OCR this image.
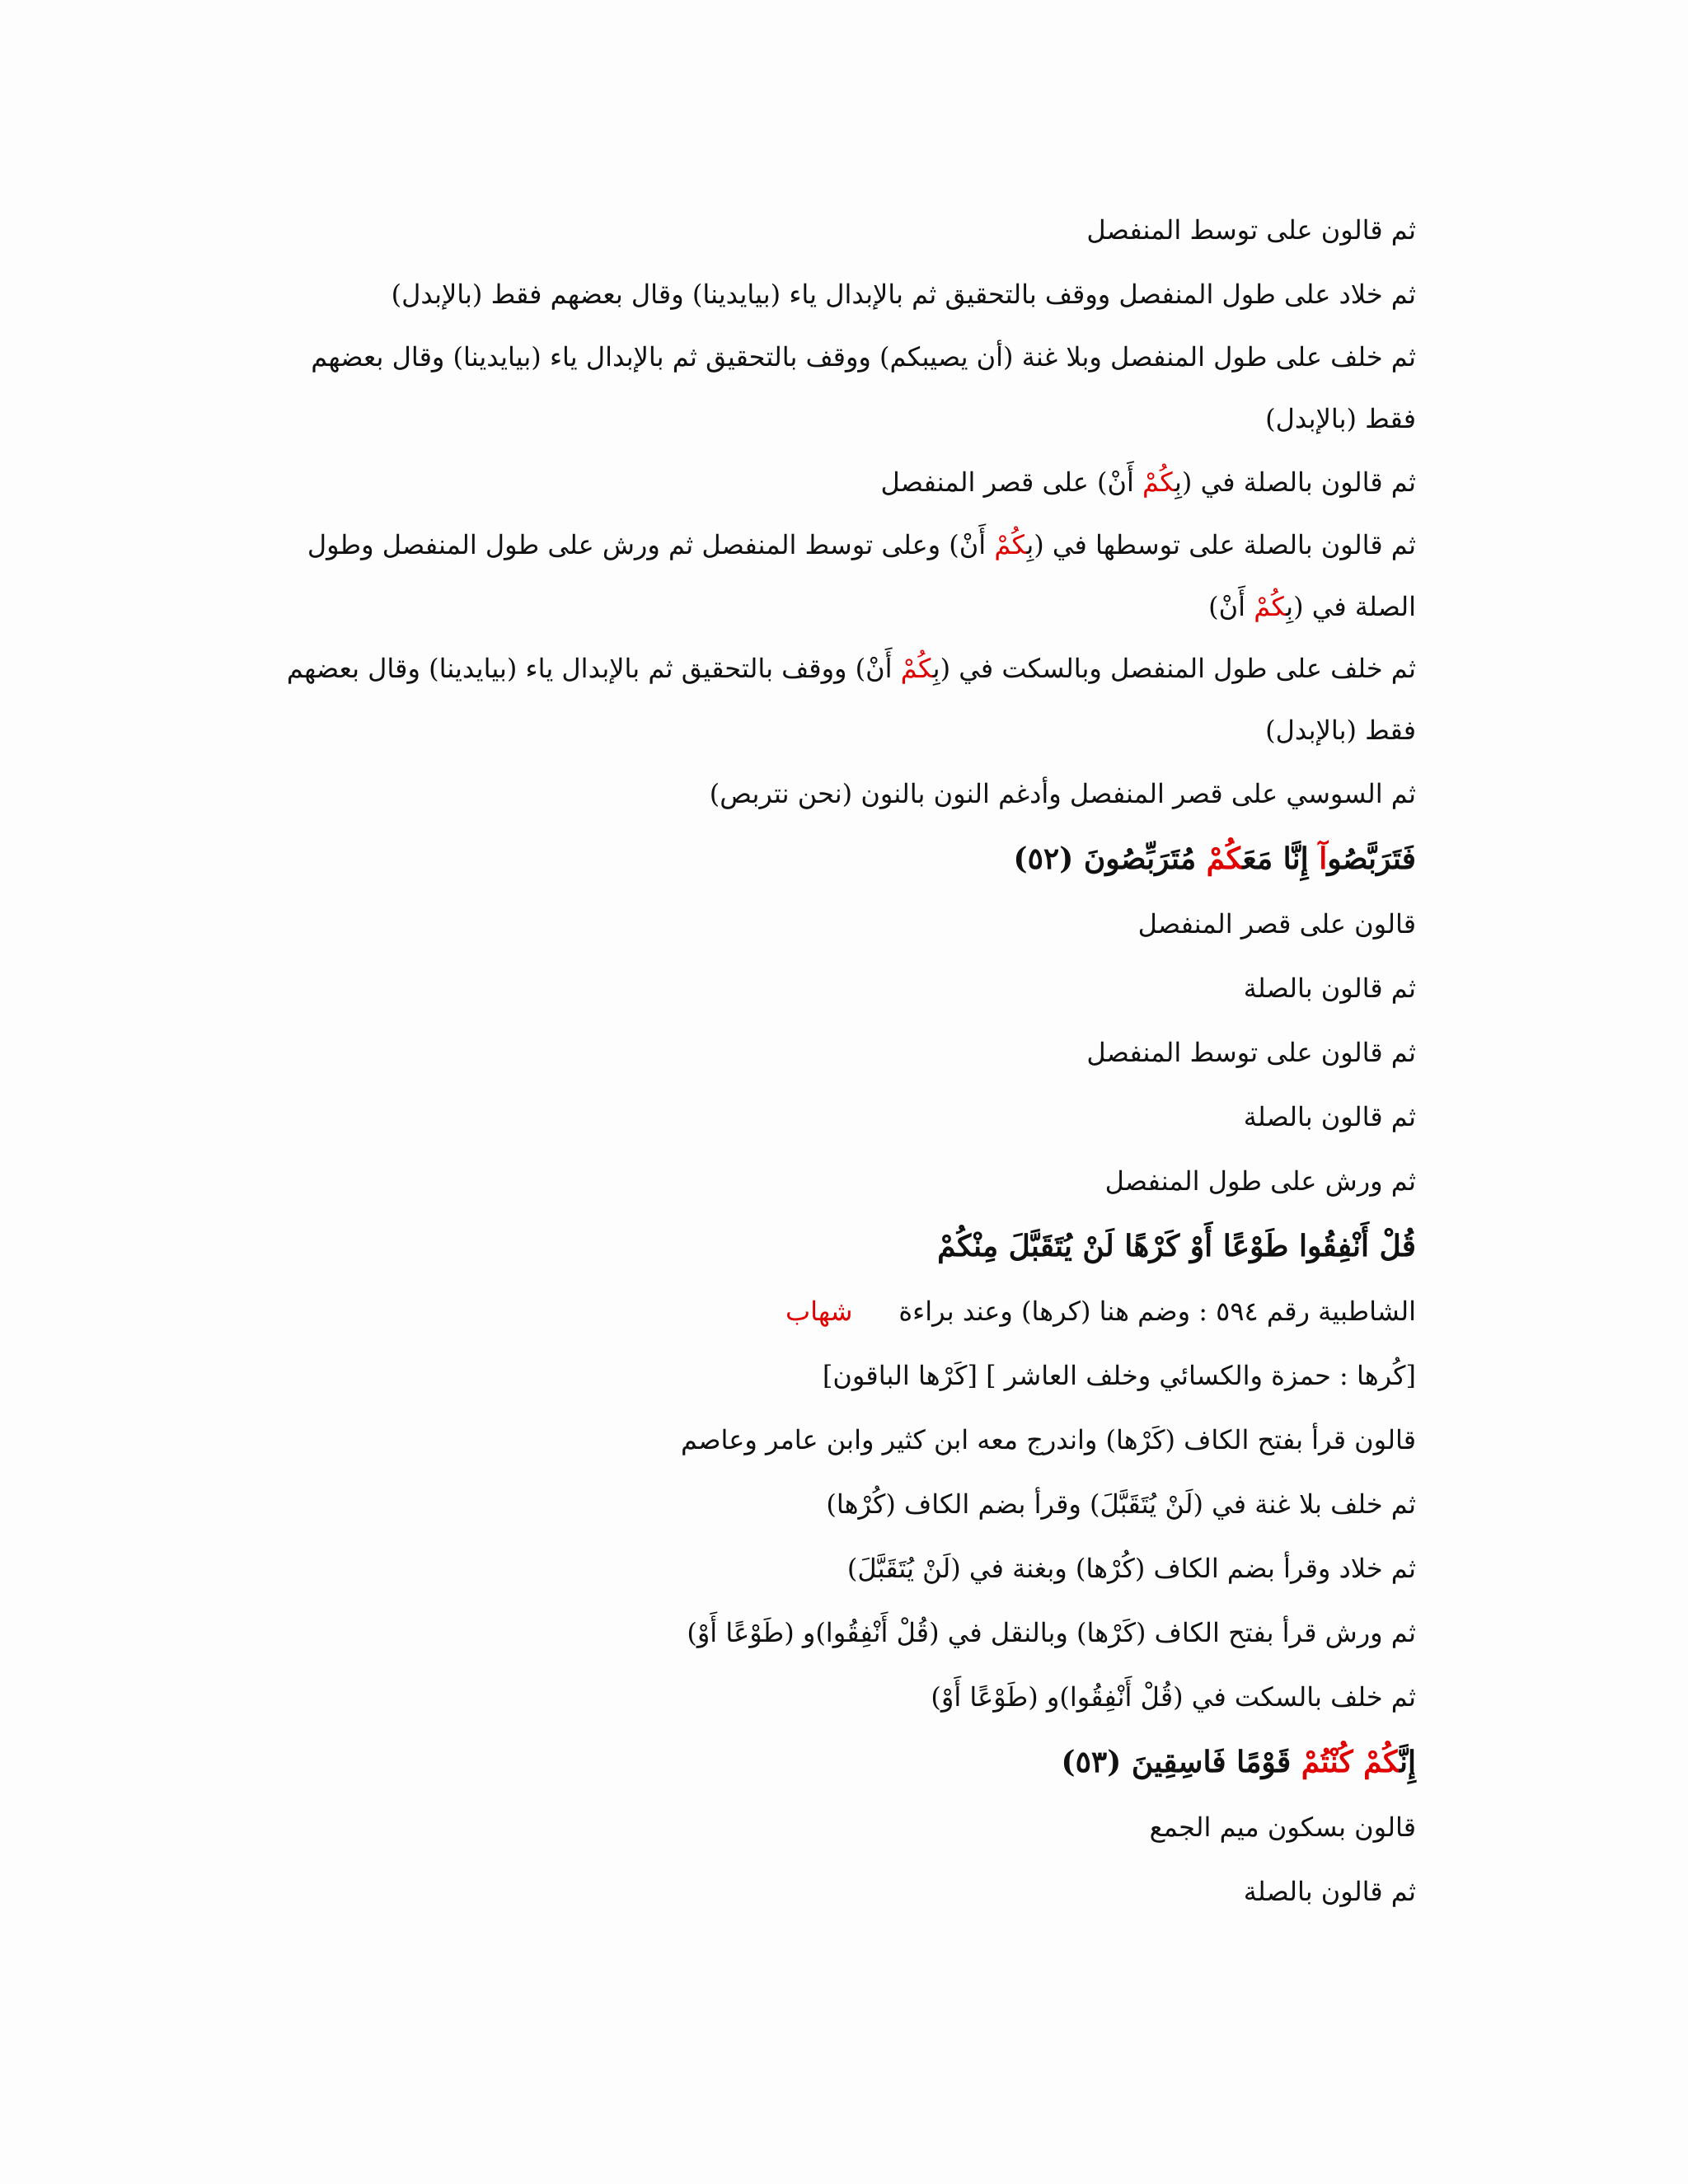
ثم قالون على توسط المنفصل
ثم خلاد على طول المنفصل ووقف بالتحقيق ثم بالإبدال ياء (بيايدينا) وقال بعضهم فقط (بالإبدل)
ثم خلف على طول المنفصل وبلا غنة (أن يصيبكم) ووقف بالتحقيق ثم بالإبدال ياء (بيايدينا) وقال بعضهم فقط (بالإبدل)
ثم قالون بالصلة في (بِكُمْ أَنْ) على قصر المنفصل
ثم قالون بالصلة على توسطها في (بِكُمْ أَنْ) وعلى توسط المنفصل ثم ورش على طول المنفصل وطول الصلة في (بِكُمْ أَنْ)
ثم خلف على طول المنفصل وبالسكت في (بِكُمْ أَنْ) ووقف بالتحقيق ثم بالإبدال ياء (بيايدينا) وقال بعضهم فقط (بالإبدل)
ثم السوسي على قصر المنفصل وأدغم النون بالنون (نحن نتربص)
فَتَرَبَّصُوآ إِنَّا مَعَكُمْ مُتَرَبِّصُونَ (٥٢)
قالون على قصر المنفصل
ثم قالون بالصلة
ثم قالون على توسط المنفصل
ثم قالون بالصلة
ثم ورش على طول المنفصل
قُلْ أَنْفِقُوا طَوْعًا أَوْ كَرْهًا لَنْ يُتَقَبَّلَ مِنْكُمْ
الشاطبية رقم ٥٩٤ : وضم هنا (كرها) وعند براءةشهاب
[كُرها : حمزة والكسائي وخلف العاشر ] [كَرْها الباقون]
قالون قرأ بفتح الكاف (كَرْها) واندرج معه ابن كثير وابن عامر وعاصم
ثم خلف بلا غنة في (لَنْ يُتَقَبَّلَ) وقرأ بضم الكاف (كُرْها)
ثم خلاد وقرأ بضم الكاف (كُرْها) وبغنة في (لَنْ يُتَقَبَّلَ)
ثم ورش قرأ بفتح الكاف (كَرْها) وبالنقل في (قُلْ أَنْفِقُوا)و (طَوْعًا أَوْ)
ثم خلف بالسكت في (قُلْ أَنْفِقُوا)و (طَوْعًا أَوْ)
إِنَّكُمْ كُنْتُمْ قَوْمًا فَاسِقِينَ (٥٣)
قالون بسكون ميم الجمع
ثم قالون بالصلة
